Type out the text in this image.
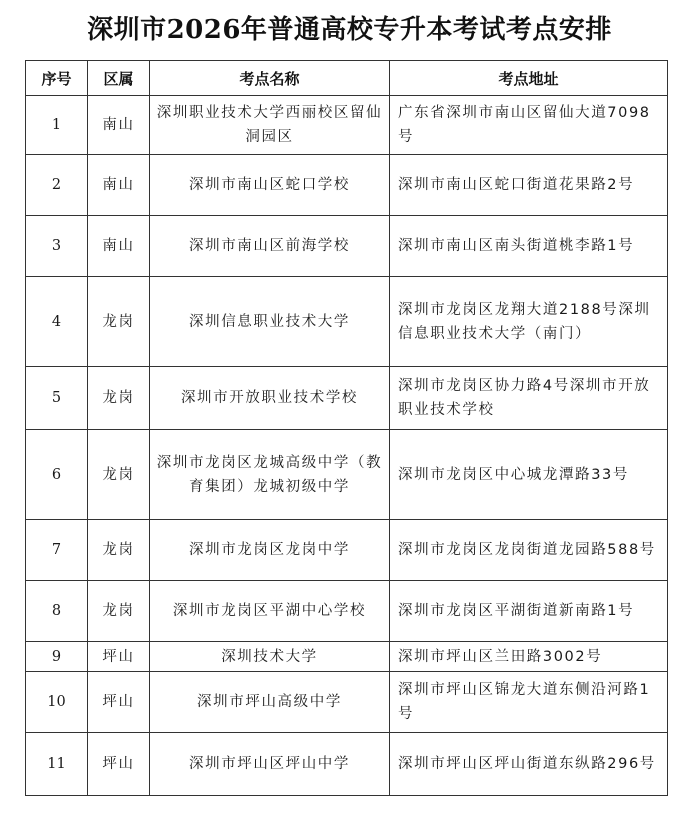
深圳市2026年普通高校专升本考试考点安排
序号	区属	考点名称	考点地址
1	南山	深圳职业技术大学西丽校区留仙洞园区	广东省深圳市南山区留仙大道7098号
2	南山	深圳市南山区蛇口学校	深圳市南山区蛇口街道花果路2号
3	南山	深圳市南山区前海学校	深圳市南山区南头街道桃李路1号
4	龙岗	深圳信息职业技术大学	深圳市龙岗区龙翔大道2188号深圳信息职业技术大学（南门）
5	龙岗	深圳市开放职业技术学校	深圳市龙岗区协力路4号深圳市开放职业技术学校
6	龙岗	深圳市龙岗区龙城高级中学（教育集团）龙城初级中学	深圳市龙岗区中心城龙潭路33号
7	龙岗	深圳市龙岗区龙岗中学	深圳市龙岗区龙岗街道龙园路588号
8	龙岗	深圳市龙岗区平湖中心学校	深圳市龙岗区平湖街道新南路1号
9	坪山	深圳技术大学	深圳市坪山区兰田路3002号
10	坪山	深圳市坪山高级中学	深圳市坪山区锦龙大道东侧沿河路1号
11	坪山	深圳市坪山区坪山中学	深圳市坪山区坪山街道东纵路296号
